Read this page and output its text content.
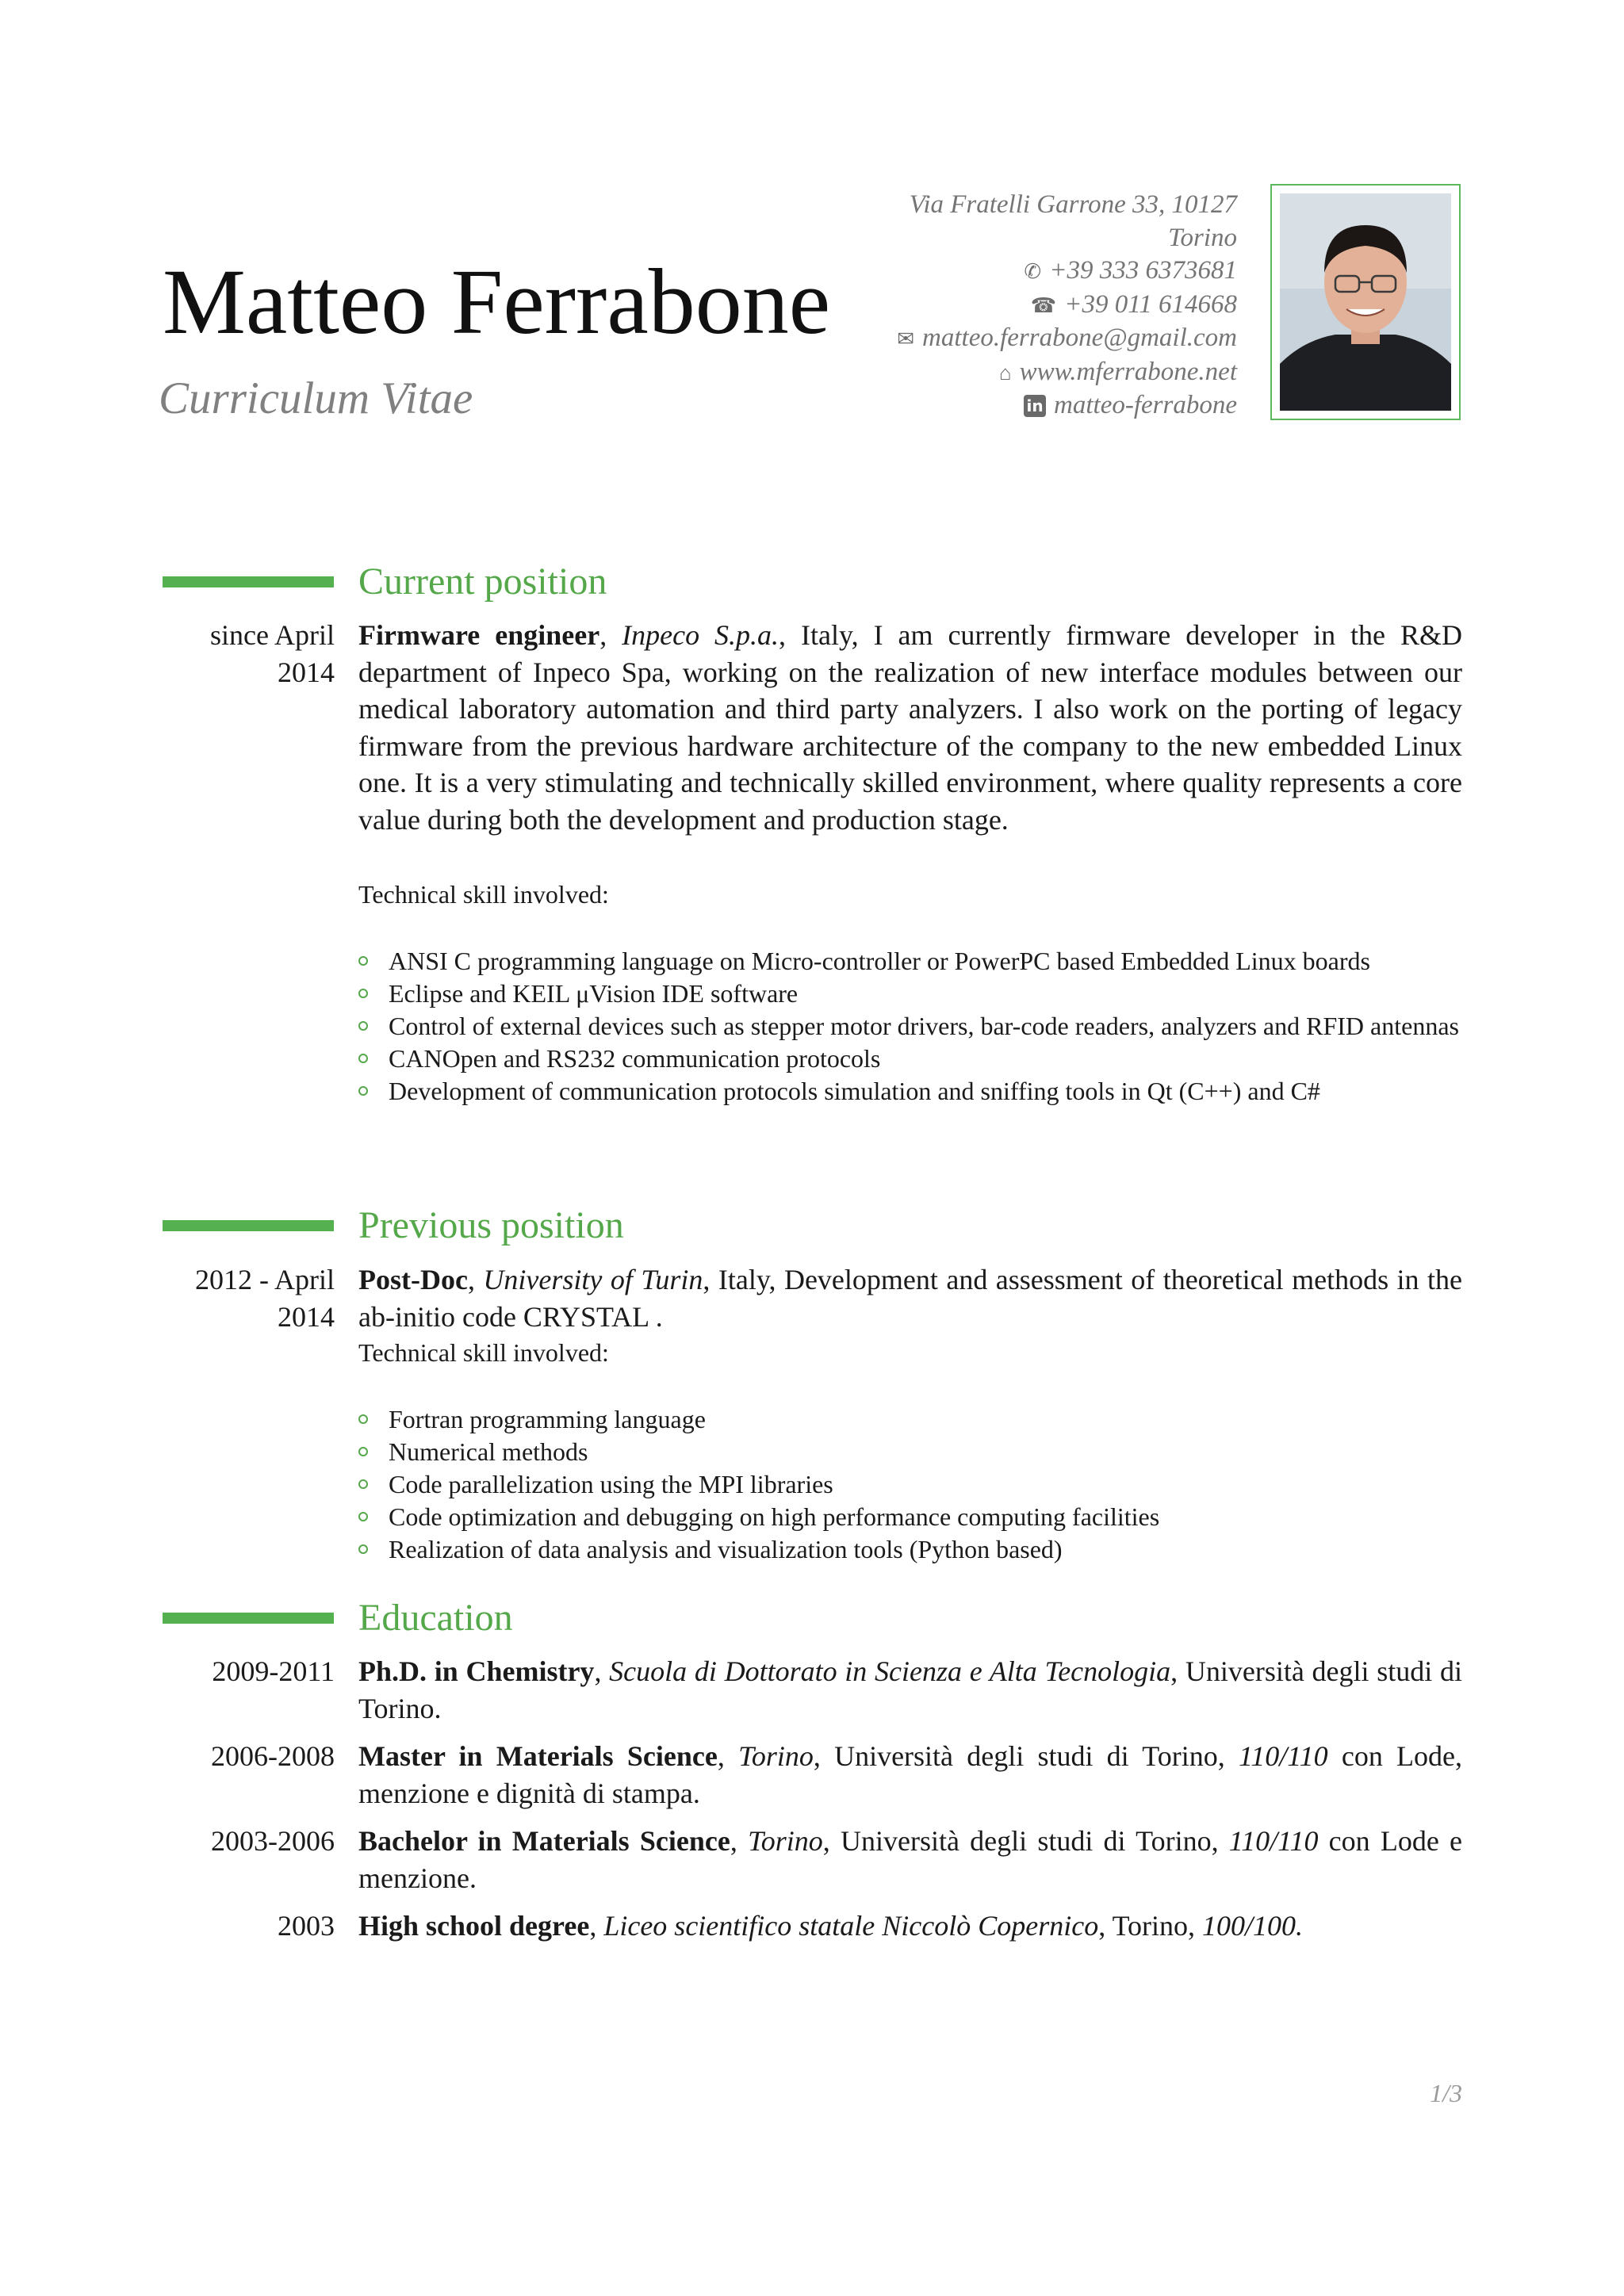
Matteo Ferrabone
Curriculum Vitae
Via Fratelli Garrone 33, 10127
Torino
✆ +39 333 6373681
☎ +39 011 614668
✉ matteo.ferrabone@gmail.com
⌂ www.mferrabone.net
in matteo-ferrabone
Current position
since April
2014
Firmware engineer, Inpeco S.p.a., Italy, I am currently firmware developer in the R&D department of Inpeco Spa, working on the realization of new interface modules between our medical laboratory automation and third party analyzers. I also work on the porting of legacy firmware from the previous hardware architecture of the company to the new embedded Linux one. It is a very stimulating and technically skilled environment, where quality represents a core value during both the development and production stage.
Technical skill involved:
ANSI C programming language on Micro-controller or PowerPC based Embedded Linux boards
Eclipse and KEIL μVision IDE software
Control of external devices such as stepper motor drivers, bar-code readers, analyzers and RFID antennas
CANOpen and RS232 communication protocols
Development of communication protocols simulation and sniffing tools in Qt (C++) and C#
Previous position
2012 - April
2014
Post-Doc, University of Turin, Italy, Development and assessment of theoretical methods in the ab-initio code CRYSTAL .
Technical skill involved:
Fortran programming language
Numerical methods
Code parallelization using the MPI libraries
Code optimization and debugging on high performance computing facilities
Realization of data analysis and visualization tools (Python based)
Education
2009-2011 Ph.D. in Chemistry, Scuola di Dottorato in Scienza e Alta Tecnologia, Università degli studi di Torino.
2006-2008 Master in Materials Science, Torino, Università degli studi di Torino, 110/110 con Lode, menzione e dignità di stampa.
2003-2006 Bachelor in Materials Science, Torino, Università degli studi di Torino, 110/110 con Lode e menzione.
2003 High school degree, Liceo scientifico statale Niccolò Copernico, Torino, 100/100.
1/3
